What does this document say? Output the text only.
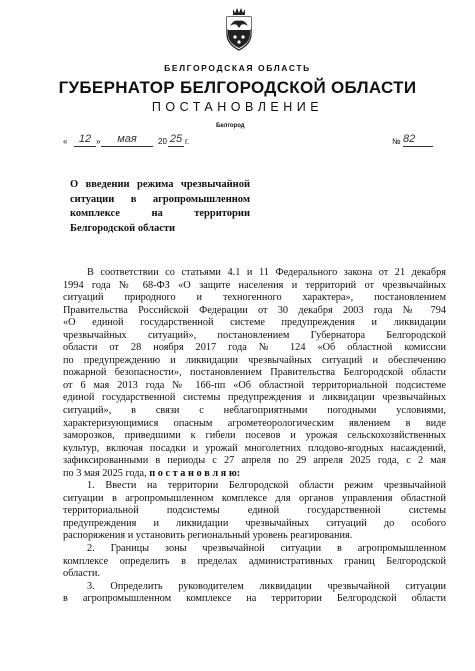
БЕЛГОРОДСКАЯ ОБЛАСТЬ
ГУБЕРНАТОР БЕЛГОРОДСКОЙ ОБЛАСТИ
ПОСТАНОВЛЕНИЕ
Белгород
«	12 »	мая	20 25 г.	№ 82
О введении режима чрезвычайной
ситуации в агропромышленном
комплексе на территории
Белгородской области
В соответствии со статьями 4.1 и 11 Федерального закона от 21 декабря
1994 года № 68-ФЗ «О защите населения и территорий от чрезвычайных
ситуаций природного и техногенного характера», постановлением
Правительства Российской Федерации от 30 декабря 2003 года № 794
«О единой государственной системе предупреждения и ликвидации
чрезвычайных ситуаций», постановлением Губернатора Белгородской
области от 28 ноября 2017 года № 124 «Об областной комиссии
по предупреждению и ликвидации чрезвычайных ситуаций и обеспечению
пожарной безопасности», постановлением Правительства Белгородской области
от 6 мая 2013 года № 166-пп «Об областной территориальной подсистеме
единой государственной системы предупреждения и ликвидации чрезвычайных
ситуаций», в связи с неблагоприятными погодными условиями,
характеризующимися опасным агрометеорологическим явлением в виде
заморозков, приведшими к гибели посевов и урожая сельскохозяйственных
культур, включая посадки и урожай многолетних плодово-ягодных насаждений,
зафиксированными в периоды с 27 апреля по 29 апреля 2025 года, с 2 мая
по 3 мая 2025 года, п о с т а н о в л я ю:
1. Ввести на территории Белгородской области режим чрезвычайной
ситуации в агропромышленном комплексе для органов управления областной
территориальной подсистемы единой государственной системы
предупреждения и ликвидации чрезвычайных ситуаций до особого
распоряжения и установить региональный уровень реагирования.
2. Границы зоны чрезвычайной ситуации в агропромышленном
комплексе определить в пределах административных границ Белгородской
области.
3. Определить руководителем ликвидации чрезвычайной ситуации
в агропромышленном комплексе на территории Белгородской области
